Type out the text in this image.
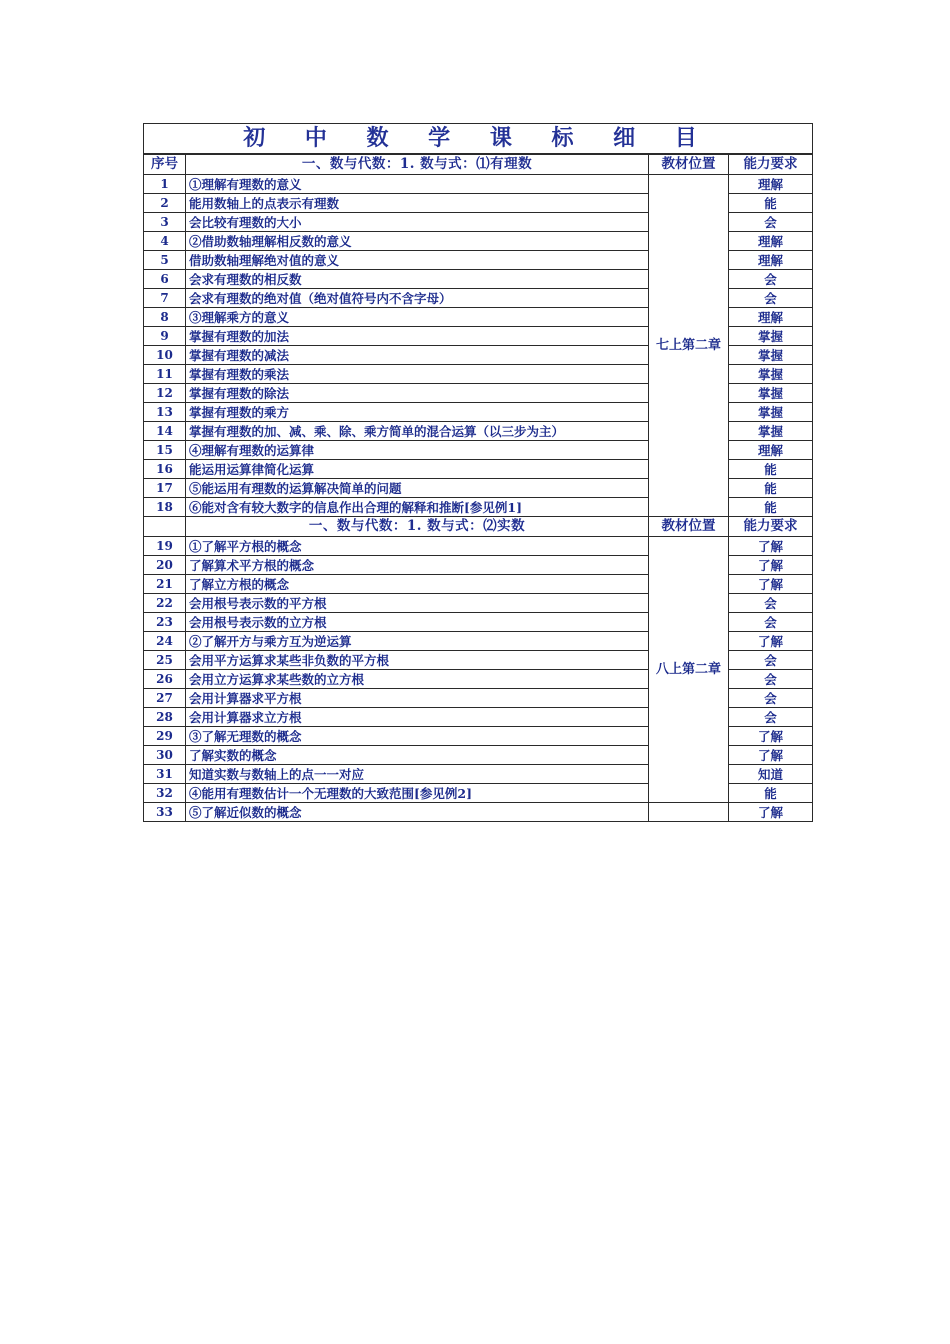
初 中 数 学 课 标 细 目			
序号	一、数与代数：1. 数与式：⑴有理数	教材位置	能力要求
1	①理解有理数的意义	七上第二章	理解
2	能用数轴上的点表示有理数		能
3	会比较有理数的大小		会
4	②借助数轴理解相反数的意义		理解
5	借助数轴理解绝对值的意义		理解
6	会求有理数的相反数		会
7	会求有理数的绝对值（绝对值符号内不含字母）		会
8	③理解乘方的意义		理解
9	掌握有理数的加法		掌握
10	掌握有理数的减法		掌握
11	掌握有理数的乘法		掌握
12	掌握有理数的除法		掌握
13	掌握有理数的乘方		掌握
14	掌握有理数的加、减、乘、除、乘方简单的混合运算（以三步为主）		掌握
15	④理解有理数的运算律		理解
16	能运用运算律简化运算		能
17	⑤能运用有理数的运算解决简单的问题		能
18	⑥能对含有较大数字的信息作出合理的解释和推断[参见例1]		能
	一、数与代数：1. 数与式：⑵实数	教材位置	能力要求
19	①了解平方根的概念	八上第二章	了解
20	了解算术平方根的概念		了解
21	了解立方根的概念		了解
22	会用根号表示数的平方根		会
23	会用根号表示数的立方根		会
24	②了解开方与乘方互为逆运算		了解
25	会用平方运算求某些非负数的平方根		会
26	会用立方运算求某些数的立方根		会
27	会用计算器求平方根		会
28	会用计算器求立方根		会
29	③了解无理数的概念		了解
30	了解实数的概念		了解
31	知道实数与数轴上的点一一对应		知道
32	④能用有理数估计一个无理数的大致范围[参见例2]		能
33	⑤了解近似数的概念		了解
